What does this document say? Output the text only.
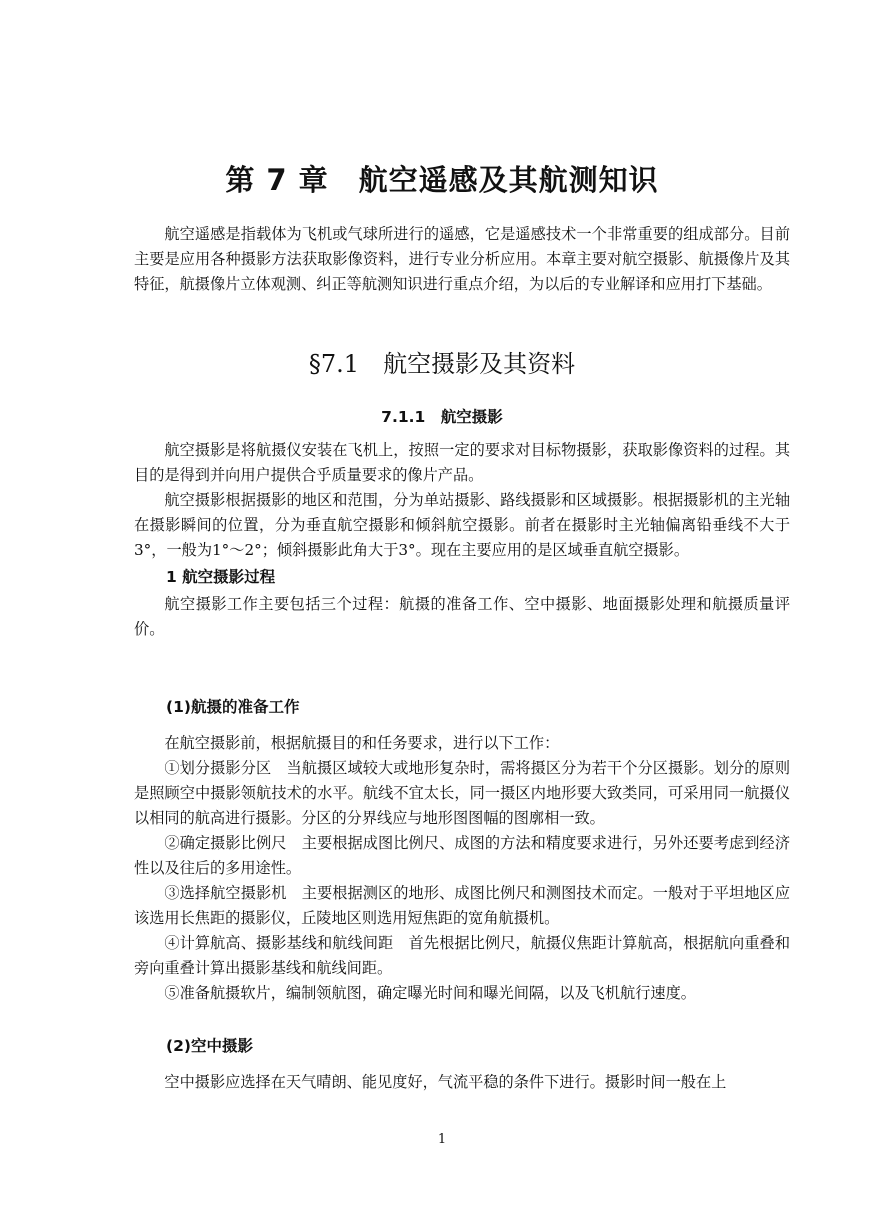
第 7 章　航空遥感及其航测知识

航空遥感是指载体为飞机或气球所进行的遥感，它是遥感技术一个非常重要的组成部分。目前主要是应用各种摄影方法获取影像资料，进行专业分析应用。本章主要对航空摄影、航摄像片及其特征，航摄像片立体观测、纠正等航测知识进行重点介绍，为以后的专业解译和应用打下基础。

§7.1　航空摄影及其资料
7.1.1　航空摄影

航空摄影是将航摄仪安装在飞机上，按照一定的要求对目标物摄影，获取影像资料的过程。其目的是得到并向用户提供合乎质量要求的像片产品。

航空摄影根据摄影的地区和范围，分为单站摄影、路线摄影和区域摄影。根据摄影机的主光轴在摄影瞬间的位置，分为垂直航空摄影和倾斜航空摄影。前者在摄影时主光轴偏离铅垂线不大于 3°，一般为1°～2°；倾斜摄影此角大于3°。现在主要应用的是区域垂直航空摄影。

1 航空摄影过程

航空摄影工作主要包括三个过程：航摄的准备工作、空中摄影、地面摄影处理和航摄质量评价。

(1)航摄的准备工作

在航空摄影前，根据航摄目的和任务要求，进行以下工作：

①划分摄影分区　当航摄区域较大或地形复杂时，需将摄区分为若干个分区摄影。划分的原则是照顾空中摄影领航技术的水平。航线不宜太长，同一摄区内地形要大致类同，可采用同一航摄仪以相同的航高进行摄影。分区的分界线应与地形图图幅的图廓相一致。

②确定摄影比例尺　主要根据成图比例尺、成图的方法和精度要求进行，另外还要考虑到经济性以及往后的多用途性。

③选择航空摄影机　主要根据测区的地形、成图比例尺和测图技术而定。一般对于平坦地区应该选用长焦距的摄影仪，丘陵地区则选用短焦距的宽角航摄机。

④计算航高、摄影基线和航线间距　首先根据比例尺，航摄仪焦距计算航高，根据航向重叠和旁向重叠计算出摄影基线和航线间距。

⑤准备航摄软片，编制领航图，确定曝光时间和曝光间隔，以及飞机航行速度。

(2)空中摄影

空中摄影应选择在天气晴朗、能见度好，气流平稳的条件下进行。摄影时间一般在上

1
